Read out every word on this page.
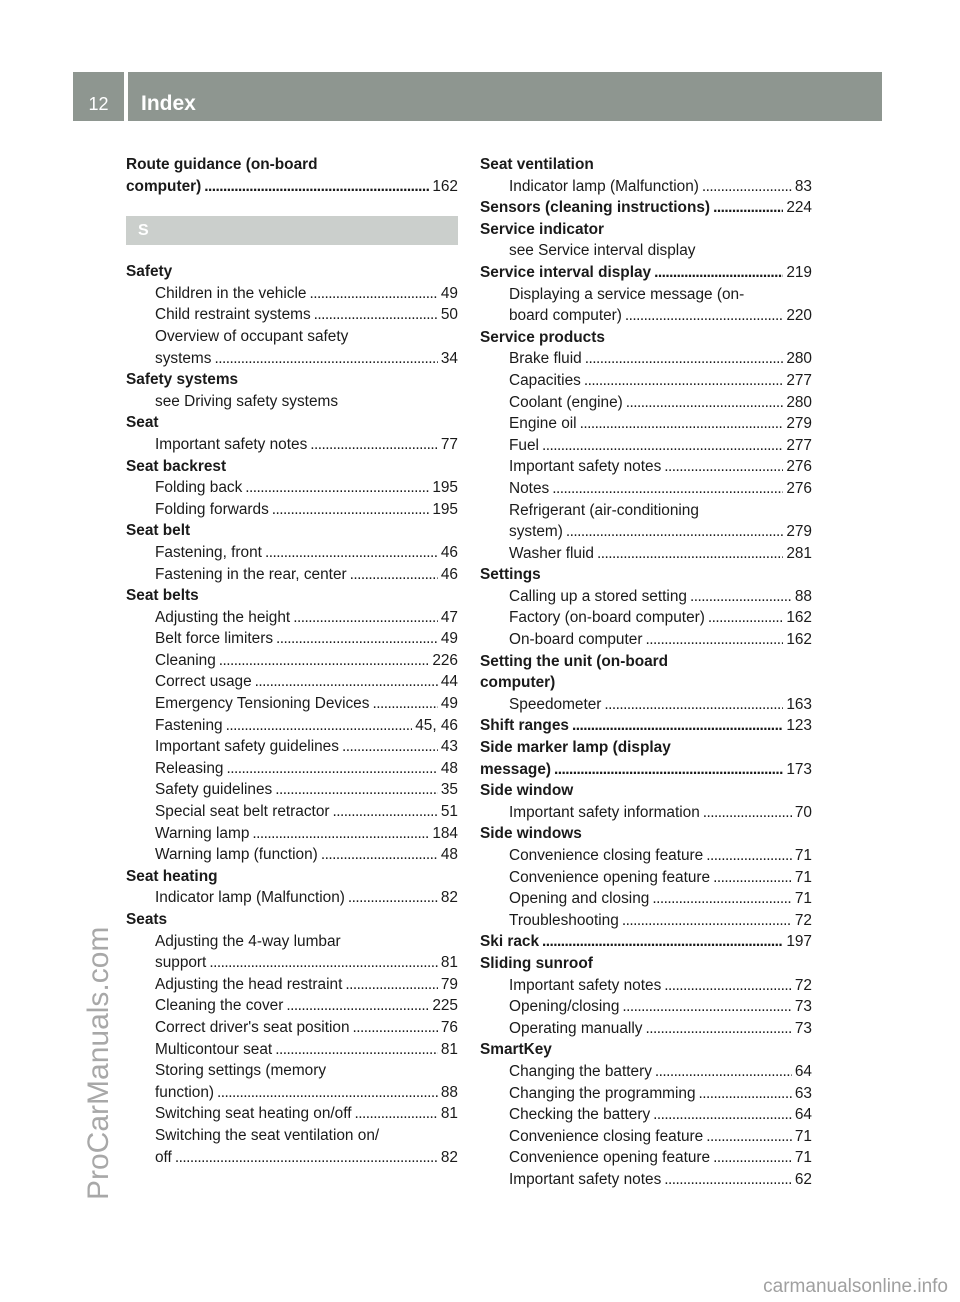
12	Index
Route guidance (on-board
computer) . . .	162
S
Safety
Children in the vehicle . . .	49
Child restraint systems . . .	50
Overview of occupant safety
systems . . .	34
Safety systems
see Driving safety systems
Seat
Important safety notes . . .	77
Seat backrest
Folding back . . .	195
Folding forwards . . .	195
Seat belt
Fastening, front . . .	46
Fastening in the rear, center . . .	46
Seat belts
Adjusting the height . . .	47
Belt force limiters . . .	49
Cleaning . . .	226
Correct usage . . .	44
Emergency Tensioning Devices . . .	49
Fastening . . .	45, 46
Important safety guidelines . . .	43
Releasing . . .	48
Safety guidelines . . .	35
Special seat belt retractor . . .	51
Warning lamp . . .	184
Warning lamp (function) . . .	48
Seat heating
Indicator lamp (Malfunction) . . .	82
Seats
Adjusting the 4-way lumbar
support . . .	81
Adjusting the head restraint . . .	79
Cleaning the cover . . .	225
Correct driver's seat position . . .	76
Multicontour seat . . .	81
Storing settings (memory
function) . . .	88
Switching seat heating on/off . . .	81
Switching the seat ventilation on/
off . . .	82
Seat ventilation
Indicator lamp (Malfunction) . . .	83
Sensors (cleaning instructions) . . .	224
Service indicator
see Service interval display
Service interval display . . .	219
Displaying a service message (on-
board computer) . . .	220
Service products
Brake fluid . . .	280
Capacities . . .	277
Coolant (engine) . . .	280
Engine oil . . .	279
Fuel . . .	277
Important safety notes . . .	276
Notes . . .	276
Refrigerant (air-conditioning
system) . . .	279
Washer fluid . . .	281
Settings
Calling up a stored setting . . .	88
Factory (on-board computer) . . .	162
On-board computer . . .	162
Setting the unit (on-board
computer)
Speedometer . . .	163
Shift ranges . . .	123
Side marker lamp (display
message) . . .	173
Side window
Important safety information . . .	70
Side windows
Convenience closing feature . . .	71
Convenience opening feature . . .	71
Opening and closing . . .	71
Troubleshooting . . .	72
Ski rack . . .	197
Sliding sunroof
Important safety notes . . .	72
Opening/closing . . .	73
Operating manually . . .	73
SmartKey
Changing the battery . . .	64
Changing the programming . . .	63
Checking the battery . . .	64
Convenience closing feature . . .	71
Convenience opening feature . . .	71
Important safety notes . . .	62
ProCarManuals.com
carmanualsonline.info
